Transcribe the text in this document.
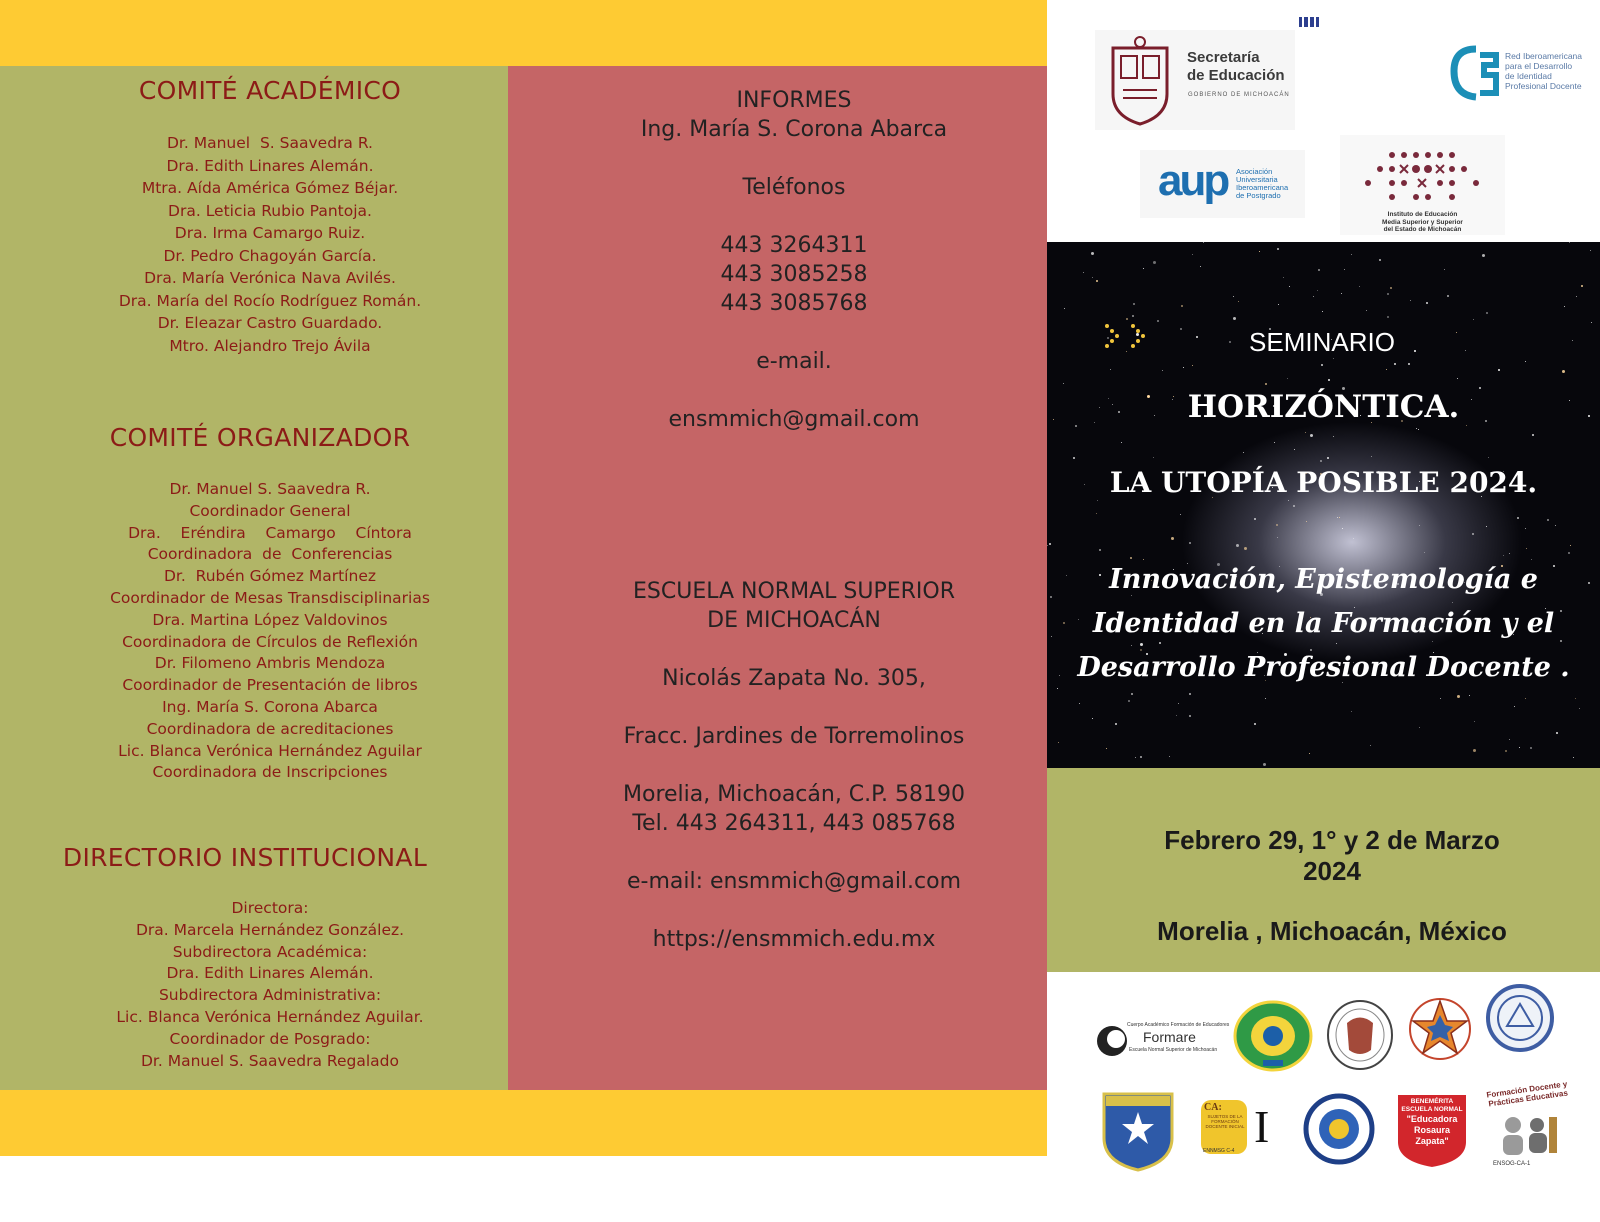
COMITÉ ACADÉMICO
Dr. Manuel  S. Saavedra R.
Dra. Edith Linares Alemán.
Mtra. Aída América Gómez Béjar.
Dra. Leticia Rubio Pantoja.
Dra. Irma Camargo Ruiz.
Dr. Pedro Chagoyán García.
Dra. María Verónica Nava Avilés.
Dra. María del Rocío Rodríguez Román.
Dr. Eleazar Castro Guardado.
Mtro. Alejandro Trejo Ávila
COMITÉ ORGANIZADOR
Dr. Manuel S. Saavedra R.
Coordinador General
Dra.    Eréndira    Camargo    Cíntora
Coordinadora  de  Conferencias
Dr.  Rubén Gómez Martínez
Coordinador de Mesas Transdisciplinarias
Dra. Martina López Valdovinos
Coordinadora de Círculos de Reflexión
Dr. Filomeno Ambris Mendoza
Coordinador de Presentación de libros
Ing. María S. Corona Abarca
Coordinadora de acreditaciones
Lic. Blanca Verónica Hernández Aguilar
Coordinadora de Inscripciones
DIRECTORIO INSTITUCIONAL
Directora:
Dra. Marcela Hernández González.
Subdirectora Académica:
Dra. Edith Linares Alemán.
Subdirectora Administrativa:
Lic. Blanca Verónica Hernández Aguilar.
Coordinador de Posgrado:
Dr. Manuel S. Saavedra Regalado
INFORMES
Ing. María S. Corona Abarca
Teléfonos
443 3264311
443 3085258
443 3085768
e-mail.
ensmmich@gmail.com
ESCUELA NORMAL SUPERIOR
DE MICHOACÁN
Nicolás Zapata No. 305,
Fracc. Jardines de Torremolinos
Morelia, Michoacán, C.P. 58190
Tel. 443 264311, 443 085768
e-mail: ensmmich@gmail.com
https://ensmmich.edu.mx
Secretaría
de Educación
GOBIERNO DE MICHOACÁN
Red Iberoamericana
para el Desarrollo
de Identidad
Profesional Docente
aup Asociación
Universitaria
Iberoamericana
de Postgrado
Instituto de Educación
Media Superior y Superior
del Estado de Michoacán
SEMINARIO
HORIZÓNTICA.
LA UTOPÍA POSIBLE 2024.
Innovación, Epistemología e
Identidad en la Formación y el
Desarrollo Profesional Docente .
Febrero 29, 1° y 2 de Marzo
2024
Morelia , Michoacán, México
Cuerpo Académico Formación de Educadores
Formare
Escuela Normal Superior de Michoacán
CA:
SUJETOS DE LA FORMACIÓN DOCENTE INICIAL I
ENNMSG C-4
BENEMÉRITA
ESCUELA NORMAL
"Educadora
Rosaura
Zapata"
Formación Docente y Prácticas Educativas
ENSOG-CA-1
